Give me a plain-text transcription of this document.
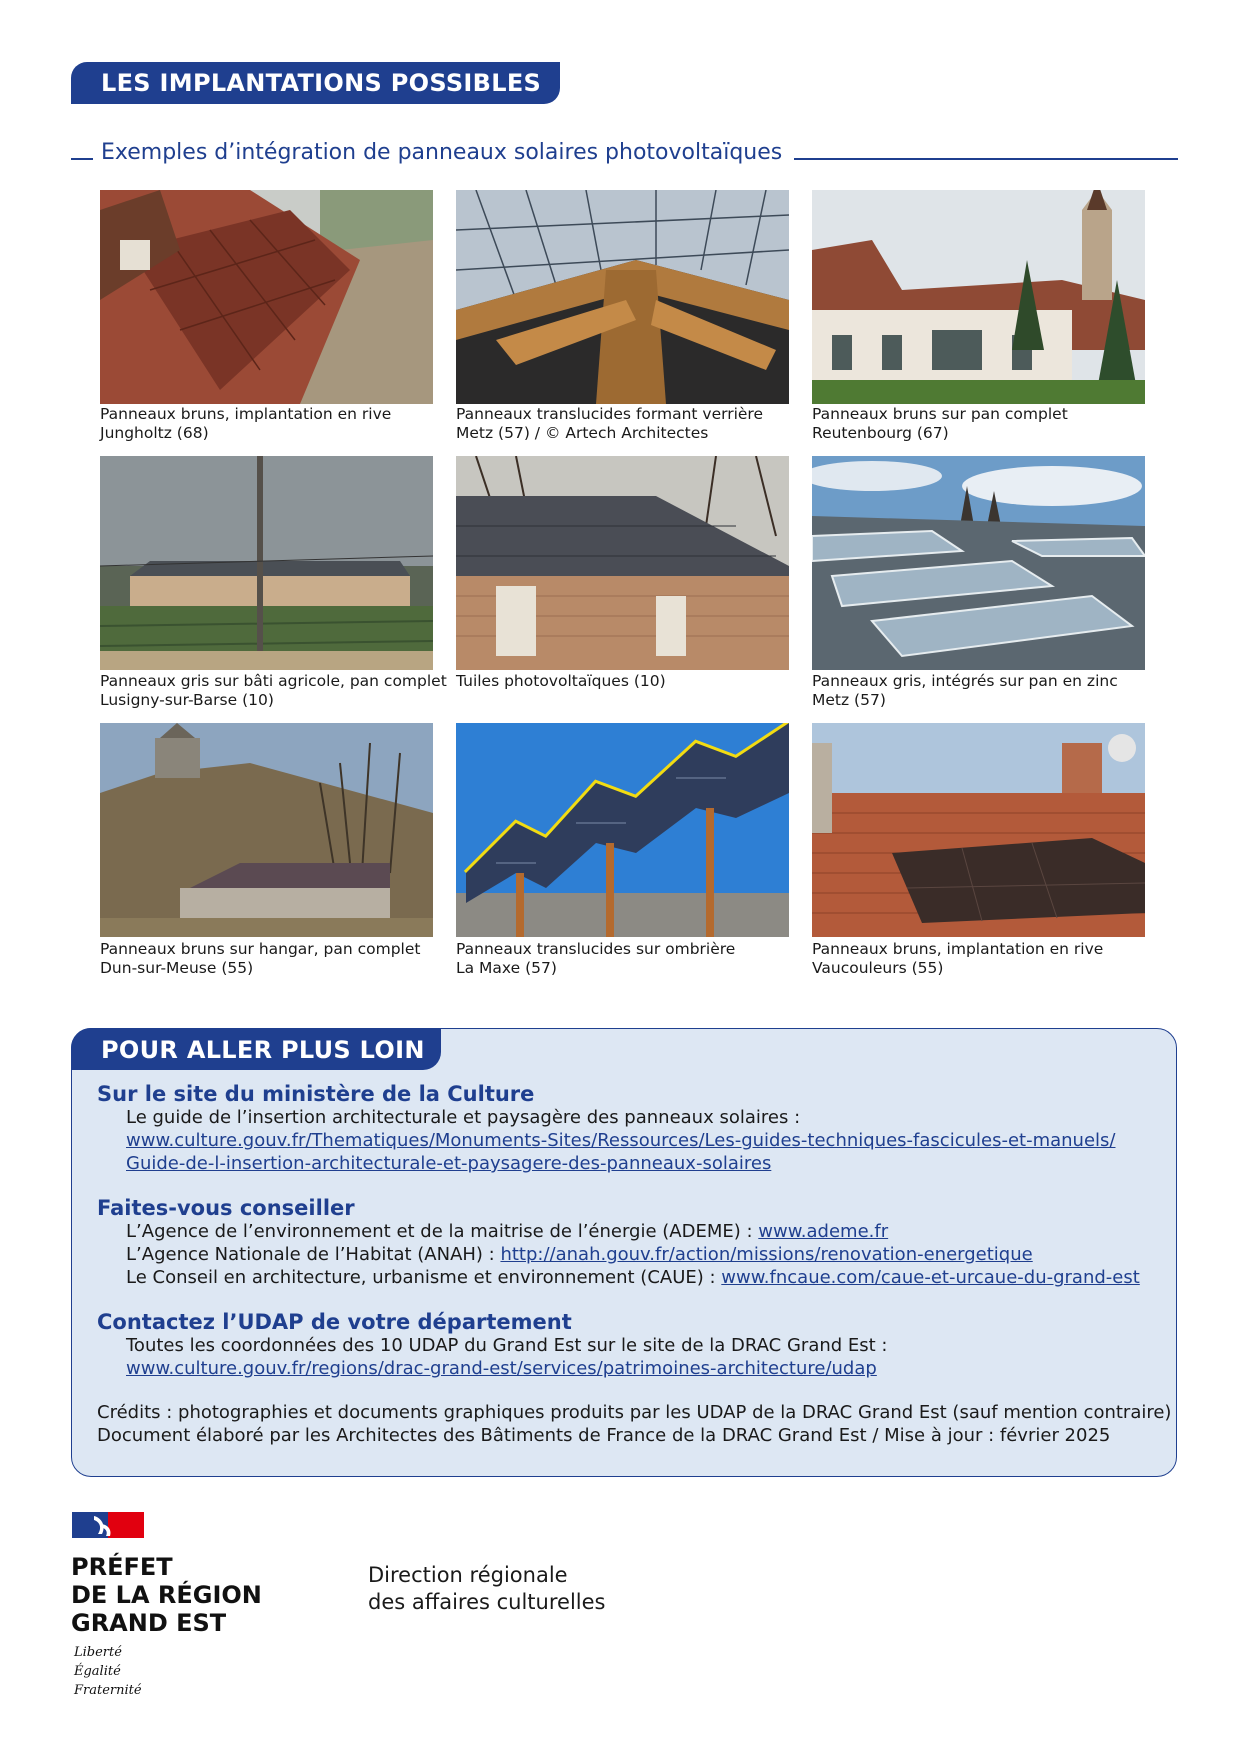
LES IMPLANTATIONS POSSIBLES
Exemples d’intégration de panneaux solaires photovoltaïques
Panneaux bruns, implantation en rive
Jungholtz (68)
Panneaux translucides formant verrière
Metz (57) / © Artech Architectes
Panneaux bruns sur pan complet
Reutenbourg (67)
Panneaux gris sur bâti agricole, pan complet
Lusigny-sur-Barse (10)
Tuiles photovoltaïques (10)	Panneaux gris, intégrés sur pan en zinc
Metz (57)
Panneaux bruns sur hangar, pan complet
Dun-sur-Meuse (55)
Panneaux translucides sur ombrière
La Maxe (57)
Panneaux bruns, implantation en rive
Vaucouleurs (55)
POUR ALLER PLUS LOIN
Sur le site du ministère de la Culture
Le guide de l’insertion architecturale et paysagère des panneaux solaires :
www.culture.gouv.fr/Thematiques/Monuments-Sites/Ressources/Les-guides-techniques-fascicules-et-manuels/
Guide-de-l-insertion-architecturale-et-paysagere-des-panneaux-solaires
Faites-vous conseiller
L’Agence de l’environnement et de la maitrise de l’énergie (ADEME) : www.ademe.fr
L’Agence Nationale de l’Habitat (ANAH) : http://anah.gouv.fr/action/missions/renovation-energetique
Le Conseil en architecture, urbanisme et environnement (CAUE) : www.fncaue.com/caue-et-urcaue-du-grand-est
Contactez l’UDAP de votre département
Toutes les coordonnées des 10 UDAP du Grand Est sur le site de la DRAC Grand Est :
www.culture.gouv.fr/regions/drac-grand-est/services/patrimoines-architecture/udap
Crédits : photographies et documents graphiques produits par les UDAP de la DRAC Grand Est (sauf mention contraire)
Document élaboré par les Architectes des Bâtiments de France de la DRAC Grand Est / Mise à jour : février 2025
PRÉFET
DE LA RÉGION
GRAND EST
Liberté
Égalité
Fraternité
Direction régionale
des affaires culturelles
